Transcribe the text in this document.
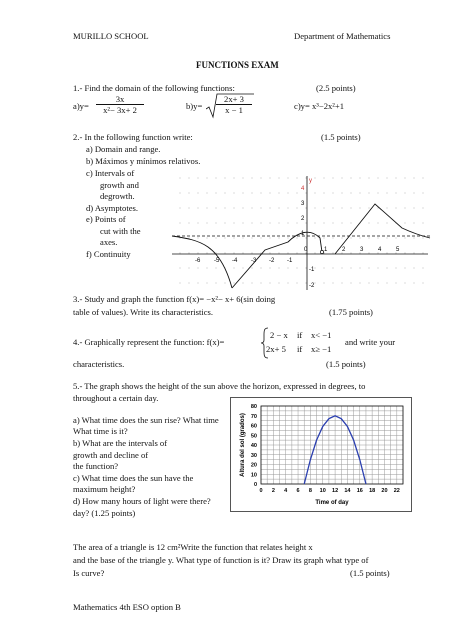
MURILLO SCHOOL	Department of Mathematics
FUNCTIONS EXAM
1.- Find the domain of the following functions:	(2.5 points)
$a)y= \frac{3x}{\text{x²− 3x+ 2}}$	$b)y= \frac{2x+ 3}{x - 1}$	c)y= x³−2x²+1
2.- In the following function write:	(1.5 points)
a) Domain and range.
b) Máximos y mínimos relativos.
c) Intervals of
growth and
degrowth.
d) Asymptotes.
e) Points of
cut with the
axes.
f) Continuity
-6 -5 -4 -3 -2 -1
0	1 2 3 4 5
4
3
2
1
-1
-2
y
3.- Study and graph the function f(x)= −x²− x+ 6(sin doing
table of values). Write its characteristics.	(1.75 points)
4.- Graphically represent the function: f(x)=
2 − x if x< −1
2x+ 5 if x≥ −1
and write your
characteristics.	(1.5 points)
5.- The graph shows the height of the sun above the horizon, expressed in degrees, to
throughout a certain day.
a) What time does the sun rise? What time
What time is it?
b) What are the intervals of
growth and decline of
the function?
c) What time does the sun have the
maximum height?
d) How many hours of light were there?
day? (1.25 points)
Altura del sol (grados)
Time of day
0
10
20
30
40
50
60
70
80
0 2 4 6 8 10 12 14 16 18 20 22
The area of a triangle is 12 cm²Write the function that relates height x
and the base of the triangle y. What type of function is it? Draw its graph what type of
Is curve?	(1.5 points)
Mathematics 4th ESO option B
